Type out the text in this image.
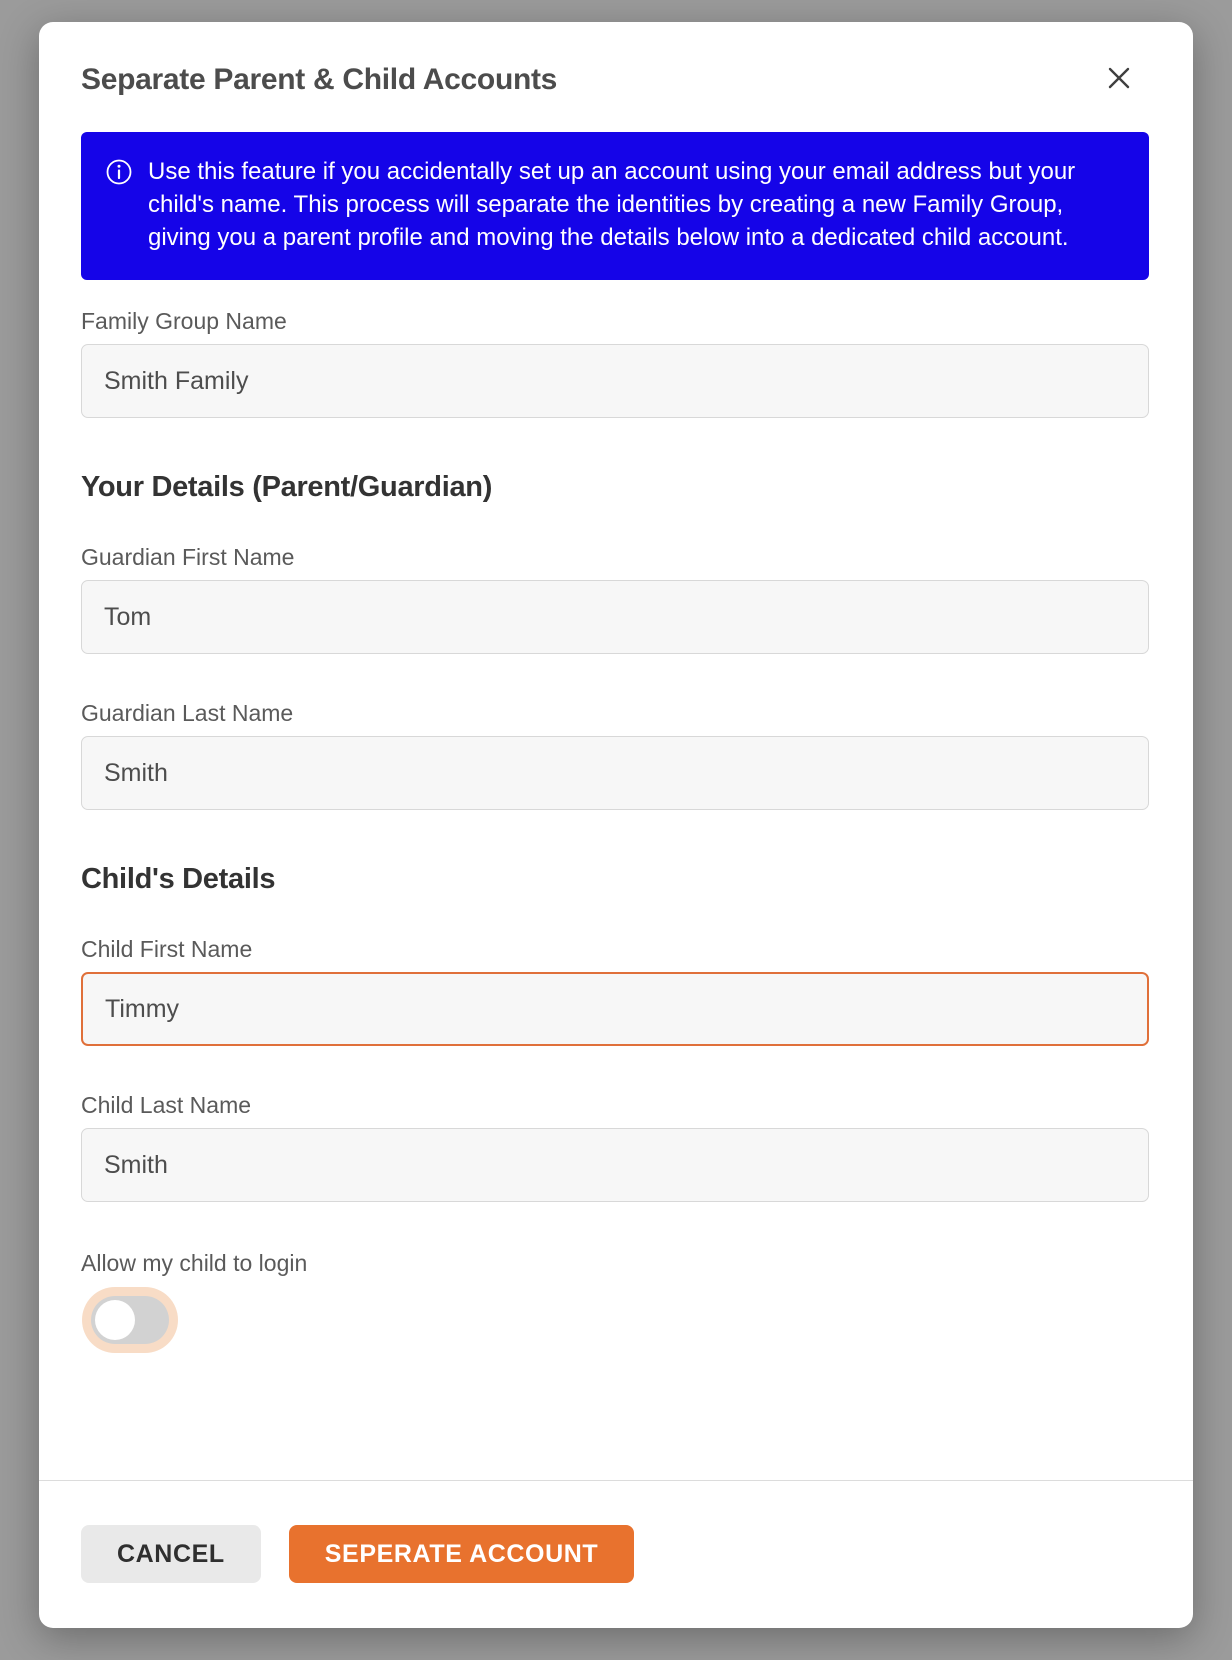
Separate Parent & Child Accounts
Use this feature if you accidentally set up an account using your email address but your child's name. This process will separate the identities by creating a new Family Group, giving you a parent profile and moving the details below into a dedicated child account.
Family Group Name
Smith Family
Your Details (Parent/Guardian)
Guardian First Name
Tom
Guardian Last Name
Smith
Child's Details
Child First Name
Timmy
Child Last Name
Smith
Allow my child to login
CANCEL	SEPERATE ACCOUNT
